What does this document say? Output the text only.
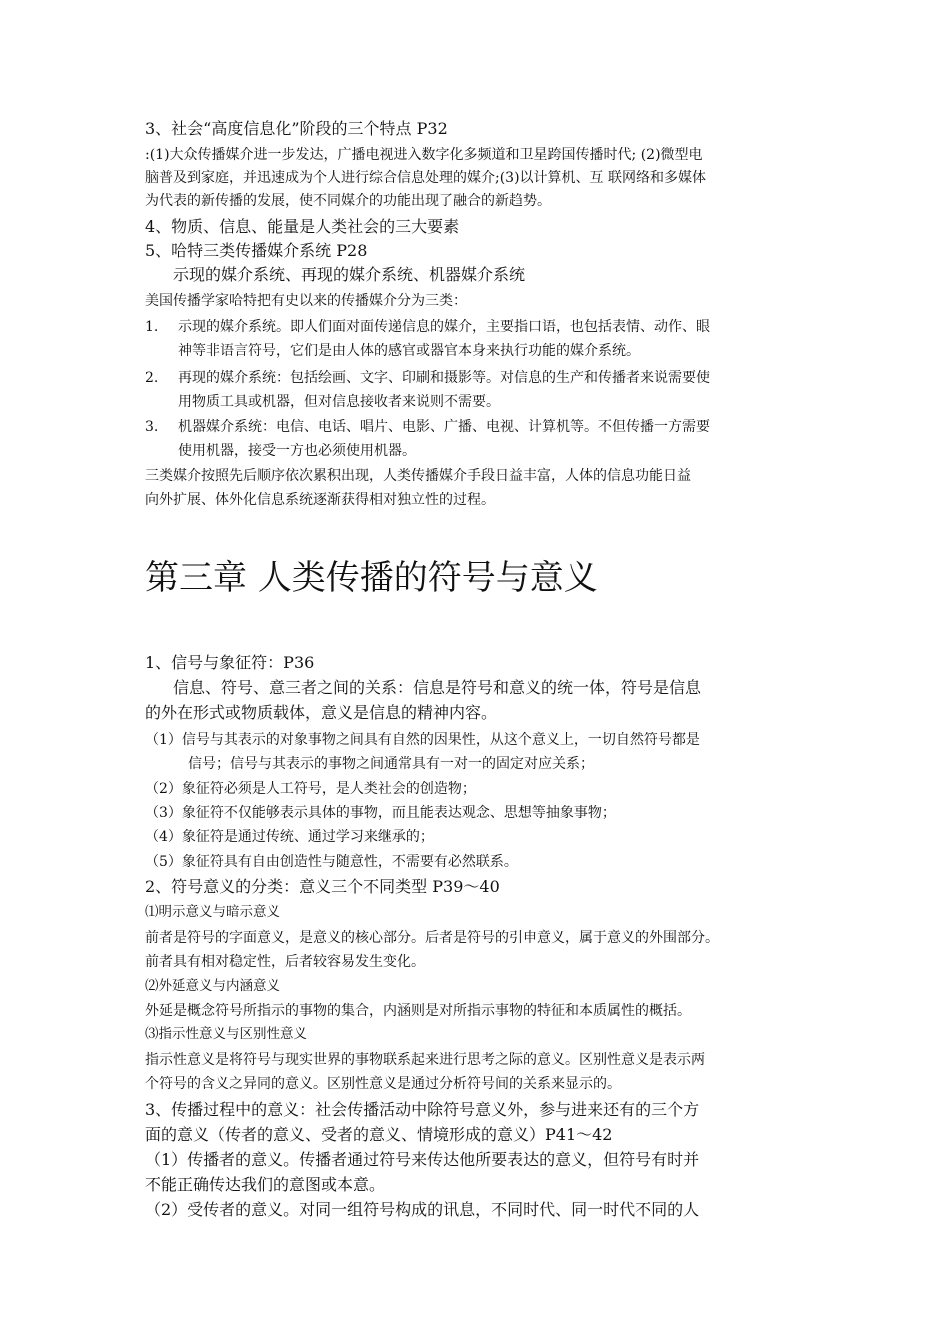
3、社会“高度信息化”阶段的三个特点 P32
:(1)大众传播媒介进一步发达，广播电视进入数字化多频道和卫星跨国传播时代; (2)微型电
脑普及到家庭，并迅速成为个人进行综合信息处理的媒介;(3)以计算机、互 联网络和多媒体
为代表的新传播的发展，使不同媒介的功能出现了融合的新趋势。
4、物质、信息、能量是人类社会的三大要素
5、哈特三类传播媒介系统 P28
示现的媒介系统、再现的媒介系统、机器媒介系统
美国传播学家哈特把有史以来的传播媒介分为三类：
1. 示现的媒介系统。即人们面对面传递信息的媒介，主要指口语，也包括表情、动作、眼
神等非语言符号，它们是由人体的感官或器官本身来执行功能的媒介系统。
2. 再现的媒介系统：包括绘画、文字、印刷和摄影等。对信息的生产和传播者来说需要使
用物质工具或机器，但对信息接收者来说则不需要。
3. 机器媒介系统：电信、电话、唱片、电影、广播、电视、计算机等。不但传播一方需要
使用机器，接受一方也必须使用机器。
三类媒介按照先后顺序依次累积出现，人类传播媒介手段日益丰富，人体的信息功能日益
向外扩展、体外化信息系统逐渐获得相对独立性的过程。
第三章 人类传播的符号与意义
1、信号与象征符：P36
信息、符号、意三者之间的关系：信息是符号和意义的统一体，符号是信息
的外在形式或物质载体，意义是信息的精神内容。
（1）信号与其表示的对象事物之间具有自然的因果性，从这个意义上，一切自然符号都是
信号；信号与其表示的事物之间通常具有一对一的固定对应关系；
（2）象征符必须是人工符号，是人类社会的创造物；
（3）象征符不仅能够表示具体的事物，而且能表达观念、思想等抽象事物；
（4）象征符是通过传统、通过学习来继承的；
（5）象征符具有自由创造性与随意性，不需要有必然联系。
2、符号意义的分类：意义三个不同类型 P39～40
⑴明示意义与暗示意义
前者是符号的字面意义，是意义的核心部分。后者是符号的引申意义，属于意义的外围部分。
前者具有相对稳定性，后者较容易发生变化。
⑵外延意义与内涵意义
外延是概念符号所指示的事物的集合，内涵则是对所指示事物的特征和本质属性的概括。
⑶指示性意义与区别性意义
指示性意义是将符号与现实世界的事物联系起来进行思考之际的意义。区别性意义是表示两
个符号的含义之异同的意义。区别性意义是通过分析符号间的关系来显示的。
3、传播过程中的意义：社会传播活动中除符号意义外，参与进来还有的三个方
面的意义（传者的意义、受者的意义、情境形成的意义）P41～42
（1）传播者的意义。传播者通过符号来传达他所要表达的意义，但符号有时并
不能正确传达我们的意图或本意。
（2）受传者的意义。对同一组符号构成的讯息，不同时代、同一时代不同的人
